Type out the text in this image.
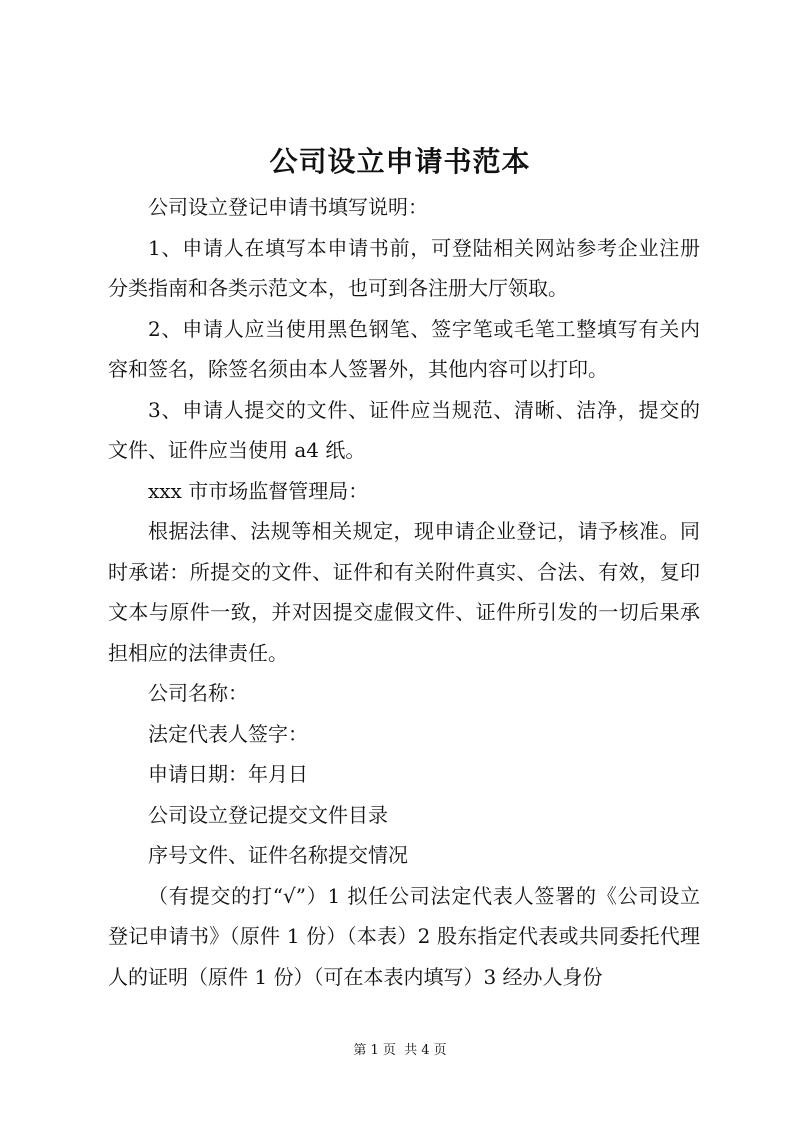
公司设立申请书范本

公司设立登记申请书填写说明：

1、申请人在填写本申请书前，可登陆相关网站参考企业注册分类指南和各类示范文本，也可到各注册大厅领取。

2、申请人应当使用黑色钢笔、签字笔或毛笔工整填写有关内容和签名，除签名须由本人签署外，其他内容可以打印。

3、申请人提交的文件、证件应当规范、清晰、洁净，提交的文件、证件应当使用 a4 纸。

xxx 市市场监督管理局：

根据法律、法规等相关规定，现申请企业登记，请予核准。同时承诺：所提交的文件、证件和有关附件真实、合法、有效，复印文本与原件一致，并对因提交虚假文件、证件所引发的一切后果承担相应的法律责任。

公司名称：

法定代表人签字：

申请日期：年月日

公司设立登记提交文件目录

序号文件、证件名称提交情况

（有提交的打“√”）1 拟任公司法定代表人签署的《公司设立登记申请书》（原件 1 份）（本表）2 股东指定代表或共同委托代理人的证明（原件 1 份）（可在本表内填写）3 经办人身份

第 1 页 共 4 页
